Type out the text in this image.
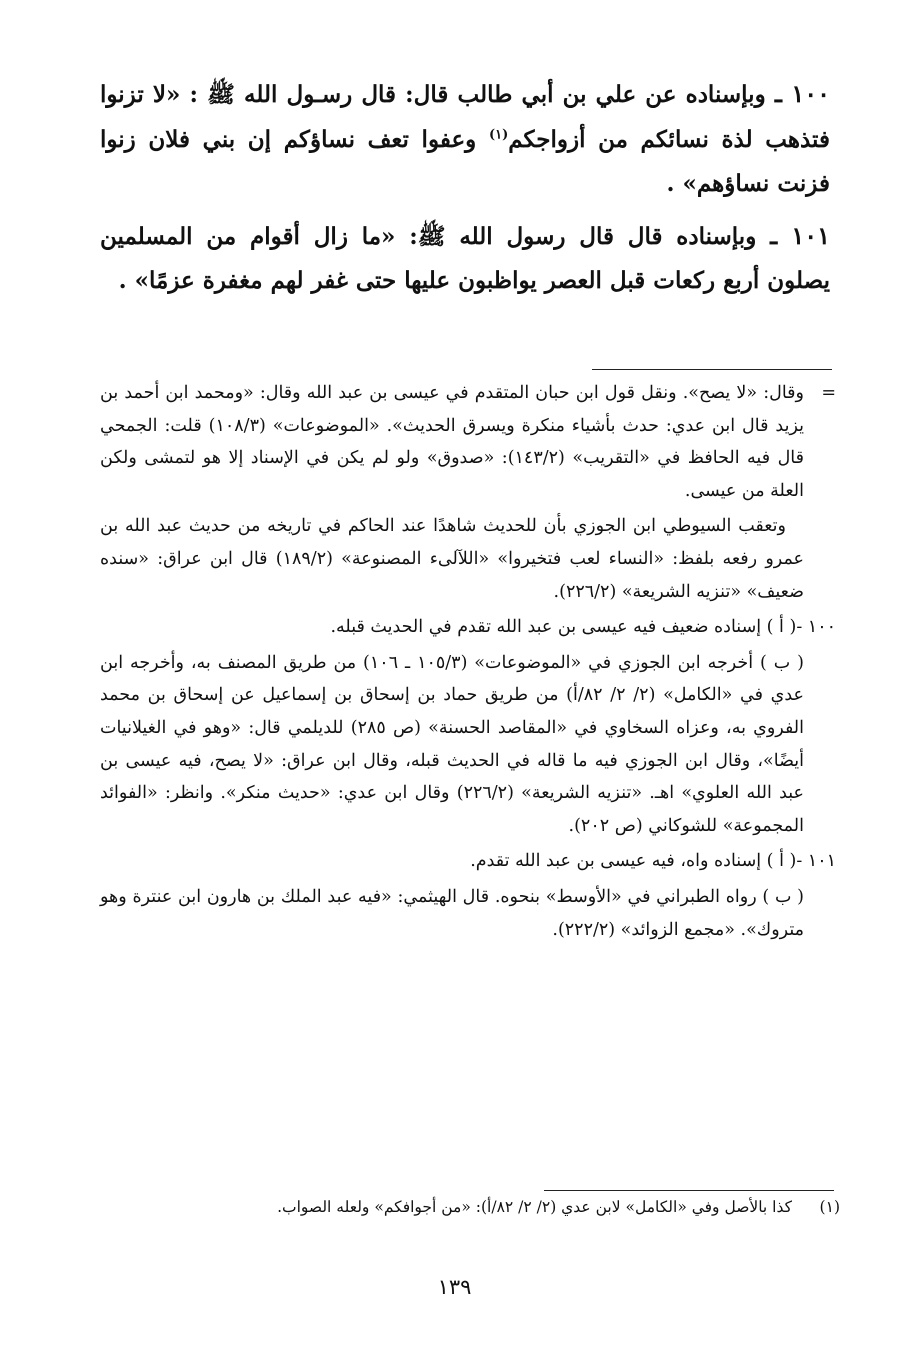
١٠٠ ـ وبإسناده عن علي بن أبي طالب قال: قال رسـول الله ﷺ : «لا تزنوا فتذهب لذة نسائكم من أزواجكم$^{(١)}$ وعفوا تعف نساؤكم إن بني فلان زنوا فزنت نساؤهم» .

١٠١ ـ وبإسناده قال قال رسول الله ﷺ: «ما زال أقوام من المسلمين يصلون أربع ركعات قبل العصر يواظبون عليها حتى غفر لهم مغفرة عزمًا» .

=
وقال: «لا يصح». ونقل قول ابن حبان المتقدم في عيسى بن عبد الله وقال: «ومحمد ابن أحمد بن يزيد قال ابن عدي: حدث بأشياء منكرة ويسرق الحديث». «الموضوعات» (١٠٨/٣) قلت: الجمحي قال فيه الحافظ في «التقريب» (١٤٣/٢): «صدوق» ولو لم يكن في الإسناد إلا هو لتمشى ولكن العلة من عيسى.

وتعقب السيوطي ابن الجوزي بأن للحديث شاهدًا عند الحاكم في تاريخه من حديث عبد الله بن عمرو رفعه بلفظ: «النساء لعب فتخيروا» «اللآلىء المصنوعة» (١٨٩/٢) قال ابن عراق: «سنده ضعيف» «تنزيه الشريعة» (٢٢٦/٢).

١٠٠ -( أ ) إسناده ضعيف فيه عيسى بن عبد الله تقدم في الحديث قبله.

( ب ) أخرجه ابن الجوزي في «الموضوعات» (١٠٥/٣ ـ ١٠٦) من طريق المصنف به، وأخرجه ابن عدي في «الكامل» (٢/ ٢/ ٨٢/أ) من طريق حماد بن إسحاق بن إسماعيل عن إسحاق بن محمد الفروي به، وعزاه السخاوي في «المقاصد الحسنة» (ص ٢٨٥) للديلمي قال: «وهو في الغيلانيات أيضًا»، وقال ابن الجوزي فيه ما قاله في الحديث قبله، وقال ابن عراق: «لا يصح، فيه عيسى بن عبد الله العلوي» اهـ. «تنزيه الشريعة» (٢٢٦/٢) وقال ابن عدي: «حديث منكر». وانظر: «الفوائد المجموعة» للشوكاني (ص ٢٠٢).

١٠١ -( أ ) إسناده واه، فيه عيسى بن عبد الله تقدم.

( ب ) رواه الطبراني في «الأوسط» بنحوه. قال الهيثمي: «فيه عبد الملك بن هارون ابن عنترة وهو متروك». «مجمع الزوائد» (٢٢٢/٢).

(١)كذا بالأصل وفي «الكامل» لابن عدي (٢/ ٢/ ٨٢/أ): «من أجوافكم» ولعله الصواب.
١٣٩
